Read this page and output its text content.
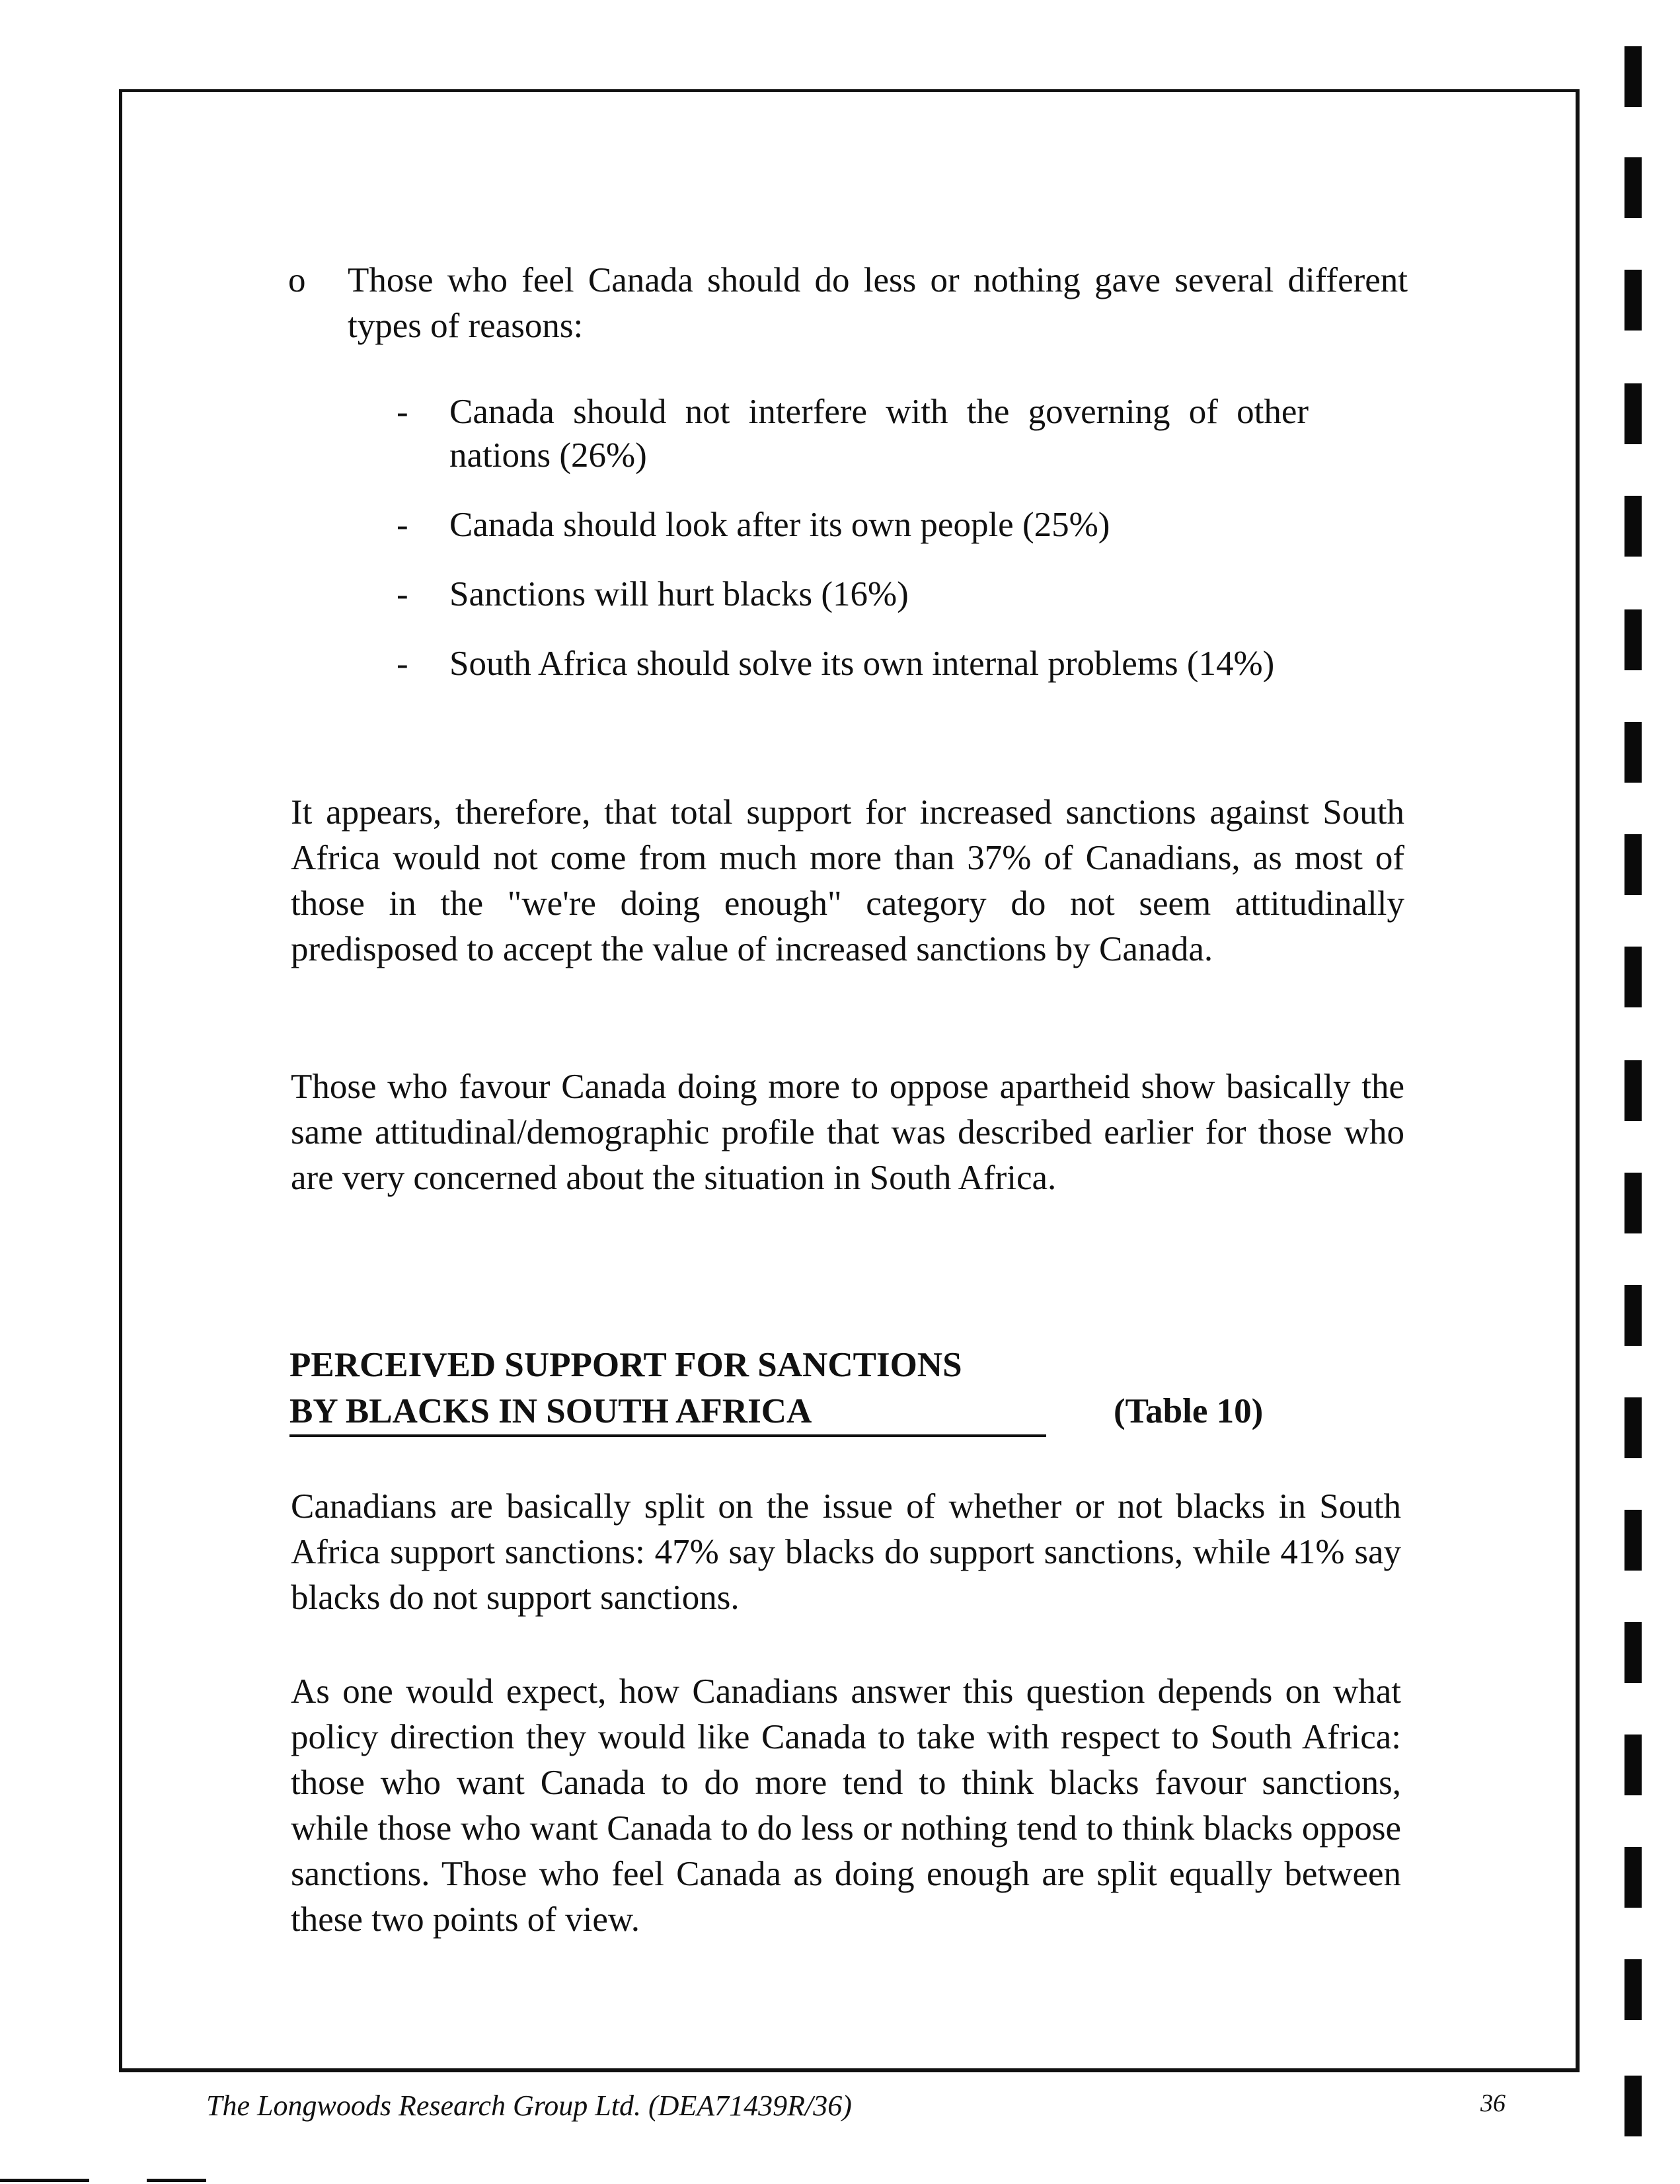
o Those who feel Canada should do less or nothing gave several different types of reasons:
- Canada should not interfere with the governing of other nations (26%)
- Canada should look after its own people (25%)
- Sanctions will hurt blacks (16%)
- South Africa should solve its own internal problems (14%)

It appears, therefore, that total support for increased sanctions against South Africa would not come from much more than 37% of Canadians, as most of those in the "we're doing enough" category do not seem attitudinally predisposed to accept the value of increased sanctions by Canada.

Those who favour Canada doing more to oppose apartheid show basically the same attitudinal/demographic profile that was described earlier for those who are very concerned about the situation in South Africa.

PERCEIVED SUPPORT FOR SANCTIONS
BY BLACKS IN SOUTH AFRICA	(Table 10)

Canadians are basically split on the issue of whether or not blacks in South Africa support sanctions: 47% say blacks do support sanctions, while 41% say blacks do not support sanctions.

As one would expect, how Canadians answer this question depends on what policy direction they would like Canada to take with respect to South Africa: those who want Canada to do more tend to think blacks favour sanctions, while those who want Canada to do less or nothing tend to think blacks oppose sanctions. Those who feel Canada as doing enough are split equally between these two points of view.

The Longwoods Research Group Ltd. (DEA71439R/36)	36
